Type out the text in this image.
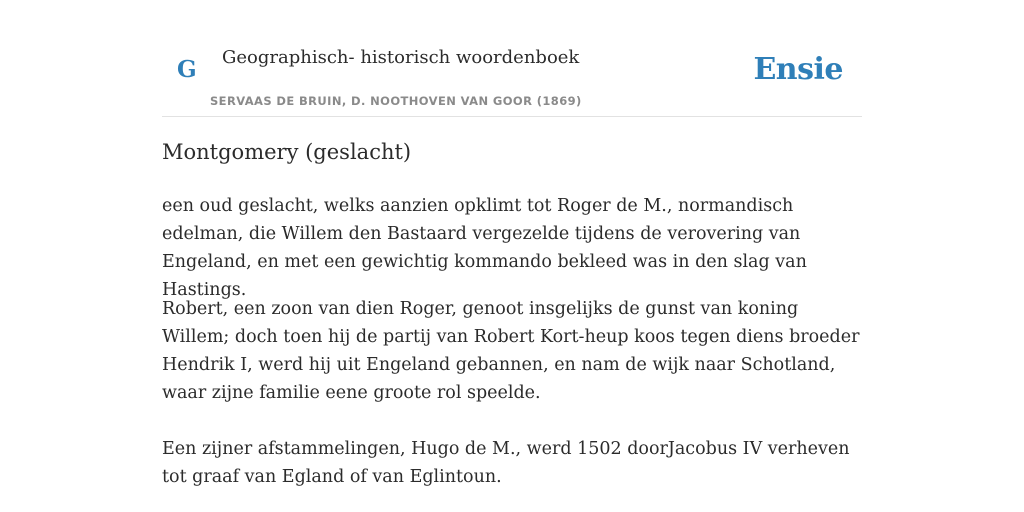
G Geographisch- historisch woordenboek
SERVAAS DE BRUIN, D. NOOTHOVEN VAN GOOR (1869)
Ensie
Montgomery (geslacht)

een oud geslacht, welks aanzien opklimt tot Roger de M., normandisch edelman, die Willem den Bastaard vergezelde tijdens de verovering van Engeland, en met een gewichtig kommando bekleed was in den slag van Hastings.

Robert, een zoon van dien Roger, genoot insgelijks de gunst van koning Willem; doch toen hij de partij van Robert Kort-heup koos tegen diens broeder Hendrik I, werd hij uit Engeland gebannen, en nam de wijk naar Schotland, waar zijne familie eene groote rol speelde.

Een zijner afstammelingen, Hugo de M., werd 1502 doorJacobus IV verheven tot graaf van Egland of van Eglintoun.
